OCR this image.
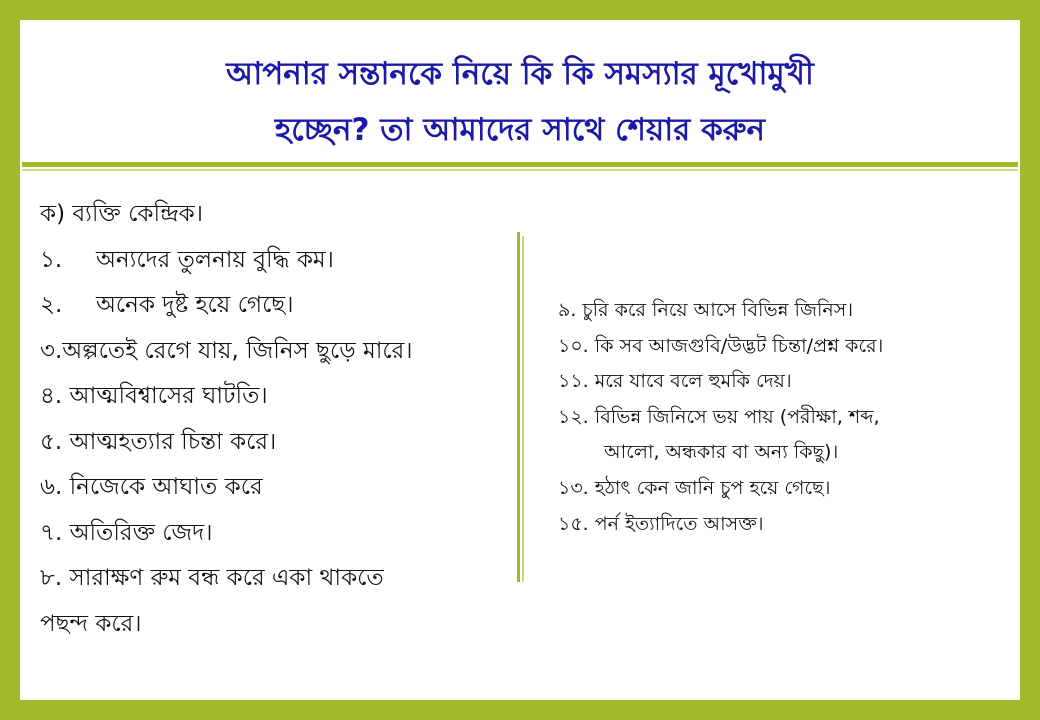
আপনার সন্তানকে নিয়ে কি কি সমস্যার মূখোমুখী
হচ্ছেন? তা আমাদের সাথে শেয়ার করুন
ক) ব্যক্তি কেন্দ্রিক।
১. অন্যদের তুলনায় বুদ্ধি কম।
২. অনেক দুষ্ট হয়ে গেছে।
৩.অল্পতেই রেগে যায়, জিনিস ছুড়ে মারে।
৪. আত্মবিশ্বাসের ঘাটতি।
৫. আত্মহত্যার চিন্তা করে।
৬. নিজেকে আঘাত করে
৭. অতিরিক্ত জেদ।
৮. সারাক্ষণ রুম বন্ধ করে একা থাকতে
পছন্দ করে।
৯. চুরি করে নিয়ে আসে বিভিন্ন জিনিস।
১০. কি সব আজগুবি/উদ্ভট চিন্তা/প্রশ্ন করে।
১১. মরে যাবে বলে হুমকি দেয়।
১২. বিভিন্ন জিনিসে ভয় পায় (পরীক্ষা, শব্দ,
আলো, অন্ধকার বা অন্য কিছু)।
১৩. হঠাৎ কেন জানি চুপ হয়ে গেছে।
১৫. পর্ন ইত্যাদিতে আসক্ত।
